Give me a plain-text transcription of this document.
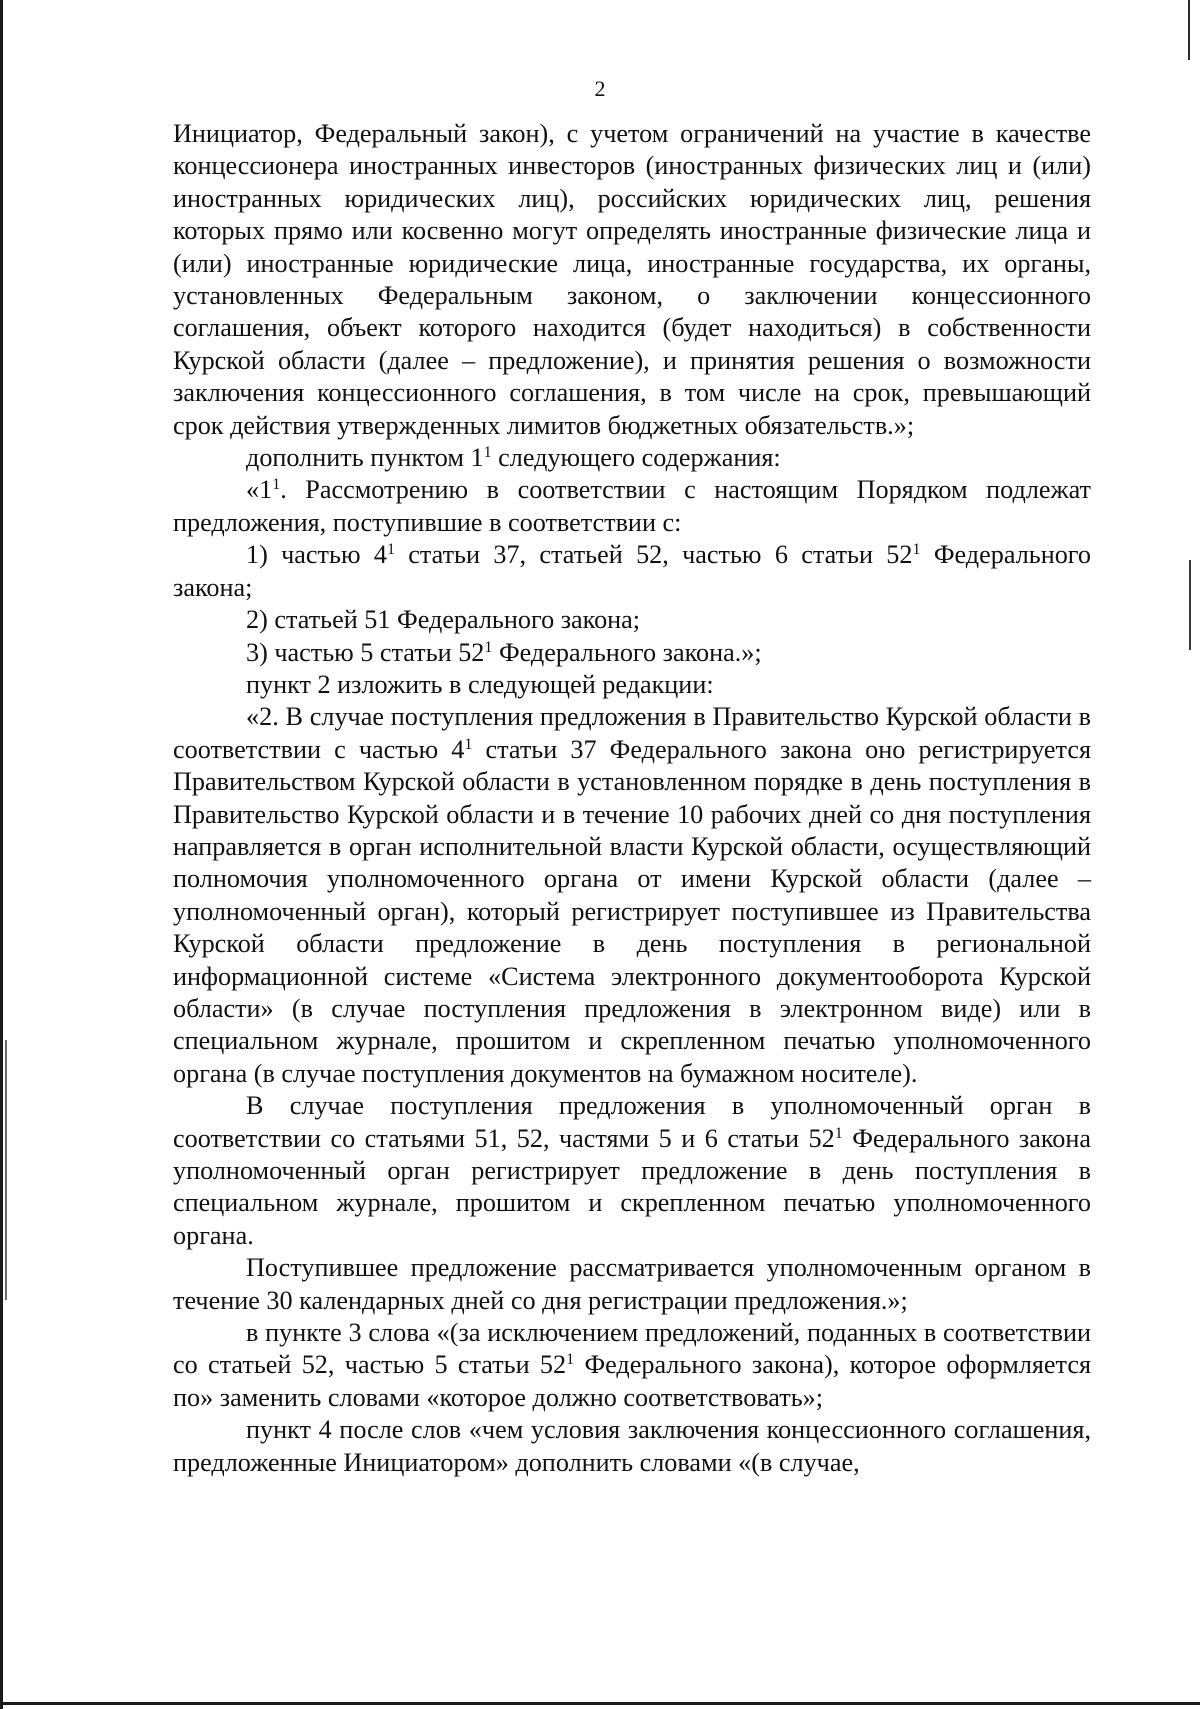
2

Инициатор, Федеральный закон), с учетом ограничений на участие в качестве концессионера иностранных инвесторов (иностранных физических лиц и (или) иностранных юридических лиц), российских юридических лиц, решения которых прямо или косвенно могут определять иностранные физические лица и (или) иностранные юридические лица, иностранные государства, их органы, установленных Федеральным законом, о заключении концессионного соглашения, объект которого находится (будет находиться) в собственности Курской области (далее – предложение), и принятия решения о возможности заключения концессионного соглашения, в том числе на срок, превышающий срок действия утвержденных лимитов бюджетных обязательств.»;

дополнить пунктом $1^1$ следующего содержания:

«$1^1$. Рассмотрению в соответствии с настоящим Порядком подлежат предложения, поступившие в соответствии с:

1) частью $4^1$ статьи 37, статьей 52, частью 6 статьи $52^1$ Федерального закона;

2) статьей 51 Федерального закона;

3) частью 5 статьи $52^1$ Федерального закона.»;

пункт 2 изложить в следующей редакции:

«2. В случае поступления предложения в Правительство Курской области в соответствии с частью $4^1$ статьи 37 Федерального закона оно регистрируется Правительством Курской области в установленном порядке в день поступления в Правительство Курской области и в течение 10 рабочих дней со дня поступления направляется в орган исполнительной власти Курской области, осуществляющий полномочия уполномоченного органа от имени Курской области (далее – уполномоченный орган), который регистрирует поступившее из Правительства Курской области предложение в день поступления в региональной информационной системе «Система электронного документооборота Курской области» (в случае поступления предложения в электронном виде) или в специальном журнале, прошитом и скрепленном печатью уполномоченного органа (в случае поступления документов на бумажном носителе).

В случае поступления предложения в уполномоченный орган в соответствии со статьями 51, 52, частями 5 и 6 статьи $52^1$ Федерального закона уполномоченный орган регистрирует предложение в день поступления в специальном журнале, прошитом и скрепленном печатью уполномоченного органа.

Поступившее предложение рассматривается уполномоченным органом в течение 30 календарных дней со дня регистрации предложения.»;

в пункте 3 слова «(за исключением предложений, поданных в соответствии со статьей 52, частью 5 статьи $52^1$ Федерального закона), которое оформляется по» заменить словами «которое должно соответствовать»;

пункт 4 после слов «чем условия заключения концессионного соглашения, предложенные Инициатором» дополнить словами «(в случае,
